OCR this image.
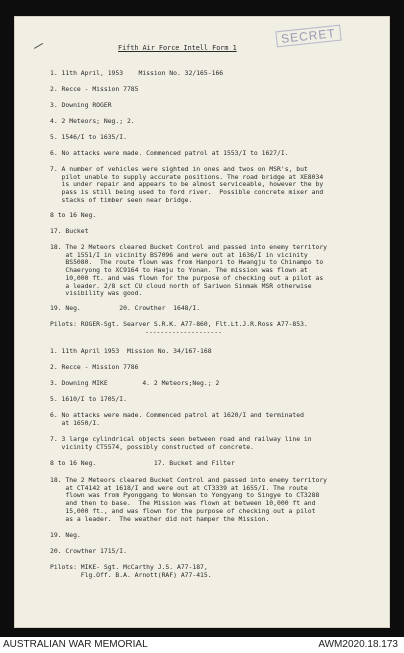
SECRET

Fifth Air Force Intell Form 1

1. 11th April, 1953    Mission No. 32/165-166

2. Recce - Mission 7785

3. Downing ROGER

4. 2 Meteors; Neg.; 2.

5. 1546/I to 1635/I.

6. No attacks were made. Commenced patrol at 1553/I to 1627/I.

7. A number of vehicles were sighted in ones and twos on MSR's, but
pilot unable to supply accurate positions. The road bridge at XE8034
is under repair and appears to be almost serviceable, however the by
pass is still being used to ford river.  Possible concrete mixer and
stacks of timber seen near bridge.

8 to 16 Neg.

17. Bucket

18. The 2 Meteors cleared Bucket Control and passed into enemy territory
at 1551/I in vicinity BS7096 and were out at 1636/I in vicinity
BS5080.  The route flown was from Hanpori to Hwangju to Chinampo to
Chaeryong to XC9164 to Haeju to Yonan. The mission was flown at
10,000 ft. and was flown for the purpose of checking out a pilot as
a leader. 2/8 sct CU cloud north of Sariwon Sinmak MSR otherwise
visibility was good.

19. Neg.          20. Crowther  1648/I.

Pilots: ROGER-Sgt. Searver S.R.K. A77-860, Flt.Lt.J.R.Ross A77-853.

--------------------

1. 11th April 1953  Mission No. 34/167-168

2. Recce - Mission 7786

3. Downing MIKE         4. 2 Meteors;Neg.; 2

5. 1610/I to 1705/I.

6. No attacks were made. Commenced patrol at 1620/I and terminated
at 1650/I.

7. 3 large cylindrical objects seen between road and railway line in
vicinity CT5574, possibly constructed of concrete.

8 to 16 Neg.               17. Bucket and Filter

18. The 2 Meteors cleared Bucket Control and passed into enemy territory
at CT4142 at 1618/I and were out at CT3339 at 1655/I. The route
flown was from Pyonggang to Wonsan to Yongyang to Singye to CT3288
and then to base.  The Mission was flown at between 10,000 ft and
15,000 ft., and was flown for the purpose of checking out a pilot
as a leader.  The weather did not hamper the Mission.

19. Neg.

20. Crowther 1715/I.

Pilots: MIKE- Sgt. McCarthy J.S. A77-187,
Flg.Off. B.A. Arnott(RAF) A77-415.

AUSTRALIAN WAR MEMORIAL	AWM2020.18.173
